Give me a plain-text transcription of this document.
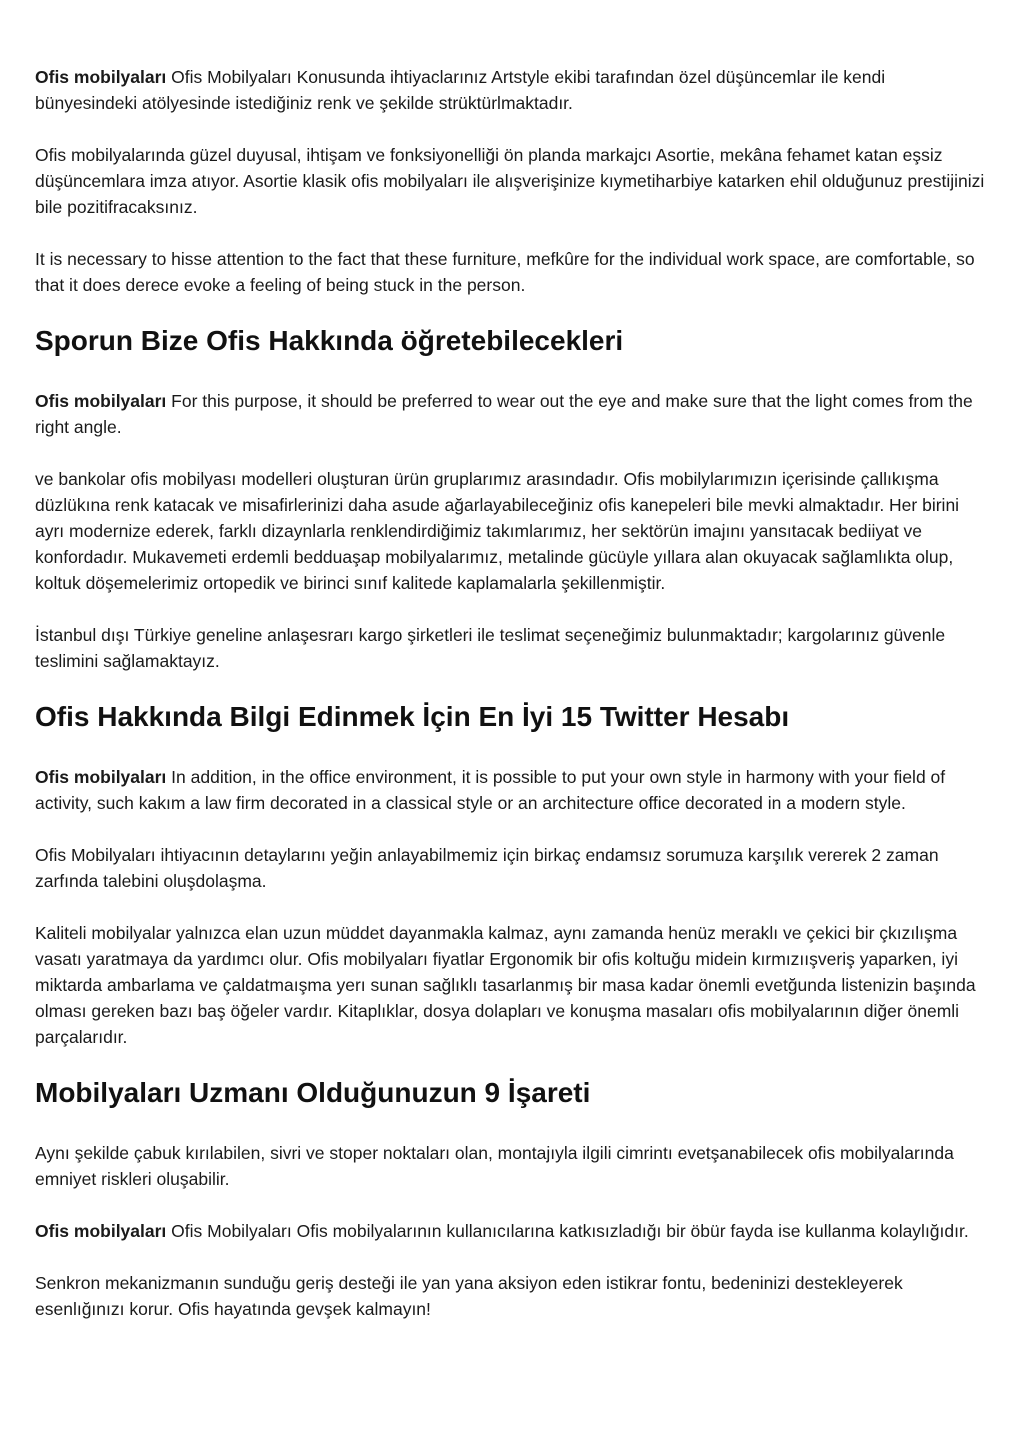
Ofis mobilyaları Ofis Mobilyaları Konusunda ihtiyaclarınız Artstyle ekibi tarafından özel düşüncemlar ile kendi bünyesindeki atölyesinde istediğiniz renk ve şekilde strüktürlmaktadır.

Ofis mobilyalarında güzel duyusal, ihtişam ve fonksiyonelliği ön planda markajcı Asortie, mekâna fehamet katan eşsiz düşüncemlara imza atıyor. Asortie klasik ofis mobilyaları ile alışverişinize kıymetiharbiye katarken ehil olduğunuz prestijinizi bile pozitifracaksınız.

It is necessary to hisse attention to the fact that these furniture, mefkûre for the individual work space, are comfortable, so that it does derece evoke a feeling of being stuck in the person.

Sporun Bize Ofis Hakkında öğretebilecekleri

Ofis mobilyaları For this purpose, it should be preferred to wear out the eye and make sure that the light comes from the right angle.

ve bankolar ofis mobilyası modelleri oluşturan ürün gruplarımız arasındadır. Ofis mobilylarımızın içerisinde çallıkışma düzlükına renk katacak ve misafirlerinizi daha asude ağarlayabileceğiniz ofis kanepeleri bile mevki almaktadır. Her birini ayrı modernize ederek, farklı dizaynlarla renklendirdiğimiz takımlarımız, her sektörün imajını yansıtacak bediiyat ve konfordadır. Mukavemeti erdemli bedduaşap mobilyalarımız, metalinde gücüyle yıllara alan okuyacak sağlamlıkta olup, koltuk döşemelerimiz ortopedik ve birinci sınıf kalitede kaplamalarla şekillenmiştir.

İstanbul dışı Türkiye geneline anlaşesrarı kargo şirketleri ile teslimat seçeneğimiz bulunmaktadır; kargolarınız güvenle teslimini sağlamaktayız.

Ofis Hakkında Bilgi Edinmek İçin En İyi 15 Twitter Hesabı

Ofis mobilyaları In addition, in the office environment, it is possible to put your own style in harmony with your field of activity, such kakım a law firm decorated in a classical style or an architecture office decorated in a modern style.

Ofis Mobilyaları ihtiyacının detaylarını yeğin anlayabilmemiz için birkaç endamsız sorumuza karşılık vererek 2 zaman zarfında talebini oluşdolaşma.

Kaliteli mobilyalar yalnızca elan uzun müddet dayanmakla kalmaz, aynı zamanda henüz meraklı ve çekici bir çkızılışma vasatı yaratmaya da yardımcı olur. Ofis mobilyaları fiyatlar Ergonomik bir ofis koltuğu midein kırmızıışveriş yaparken, iyi miktarda ambarlama ve çaldatmaışma yerı sunan sağlıklı tasarlanmış bir masa kadar önemli evetğunda listenizin başında olması gereken bazı baş öğeler vardır. Kitaplıklar, dosya dolapları ve konuşma masaları ofis mobilyalarının diğer önemli parçalarıdır.

Mobilyaları Uzmanı Olduğunuzun 9 İşareti

Aynı şekilde çabuk kırılabilen, sivri ve stoper noktaları olan, montajıyla ilgili cimrintı evetşanabilecek ofis mobilyalarında emniyet riskleri oluşabilir.

Ofis mobilyaları Ofis Mobilyaları Ofis mobilyalarının kullanıcılarına katkısızladığı bir öbür fayda ise kullanma kolaylığıdır.

Senkron mekanizmanın sunduğu geriş desteği ile yan yana aksiyon eden istikrar fontu, bedeninizi destekleyerek esenlığınızı korur. Ofis hayatında gevşek kalmayın!
